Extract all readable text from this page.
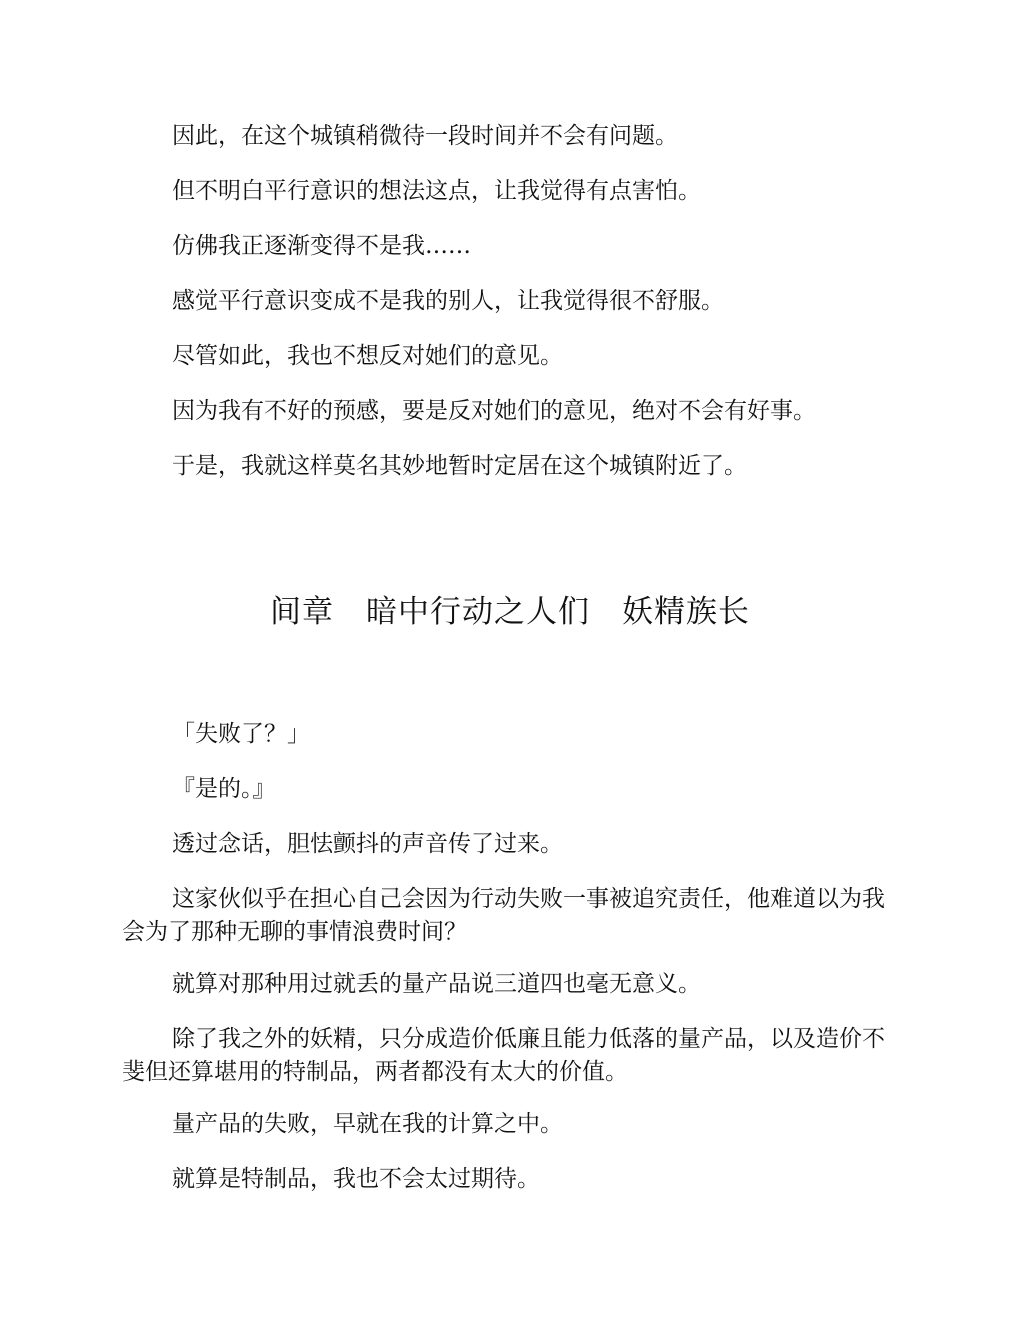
因此，在这个城镇稍微待一段时间并不会有问题。

但不明白平行意识的想法这点，让我觉得有点害怕。

仿佛我正逐渐变得不是我……

感觉平行意识变成不是我的别人，让我觉得很不舒服。

尽管如此，我也不想反对她们的意见。

因为我有不好的预感，要是反对她们的意见，绝对不会有好事。

于是，我就这样莫名其妙地暂时定居在这个城镇附近了。

间章　暗中行动之人们　妖精族长

「失败了？」

『是的。』

透过念话，胆怯颤抖的声音传了过来。

这家伙似乎在担心自己会因为行动失败一事被追究责任，他难道以为我会为了那种无聊的事情浪费时间？

就算对那种用过就丢的量产品说三道四也毫无意义。

除了我之外的妖精，只分成造价低廉且能力低落的量产品，以及造价不斐但还算堪用的特制品，两者都没有太大的价值。

量产品的失败，早就在我的计算之中。

就算是特制品，我也不会太过期待。
